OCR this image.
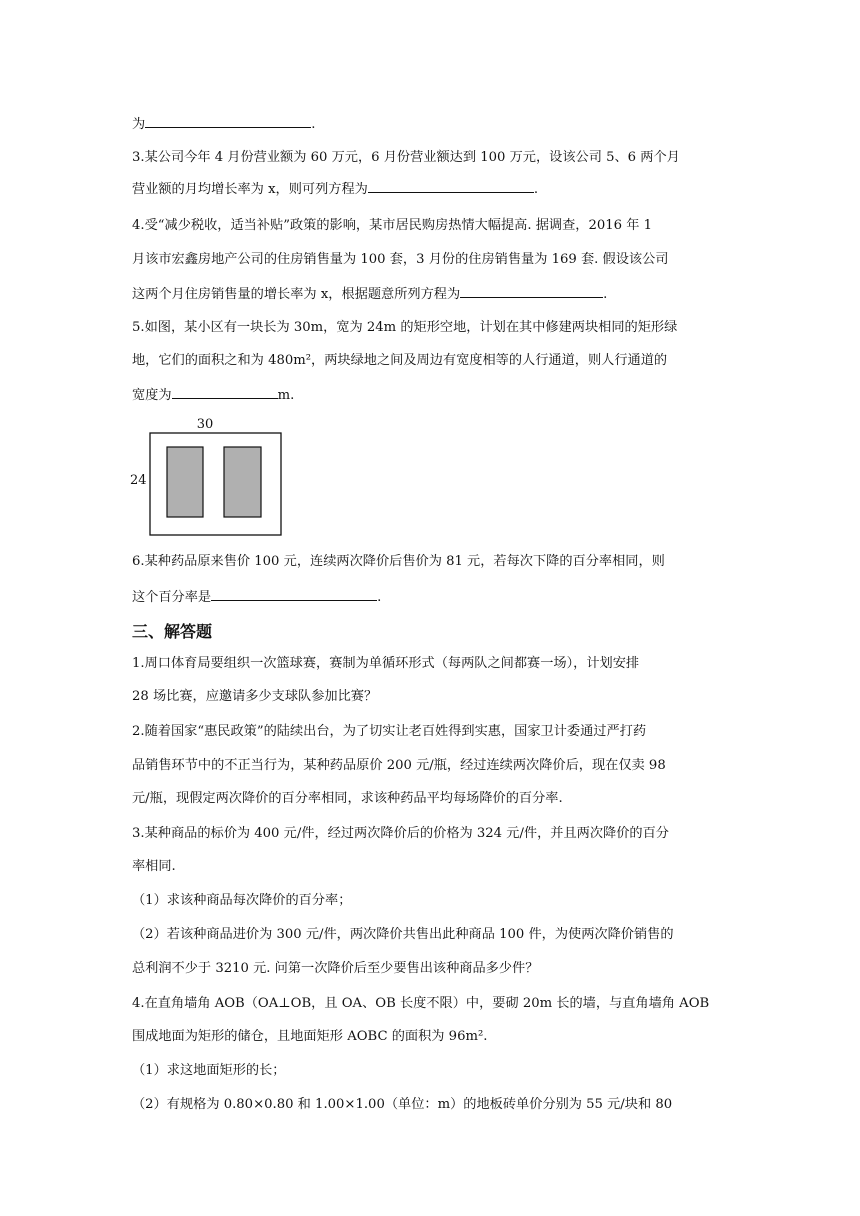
为	.

3.某公司今年 4 月份营业额为 60 万元，6 月份营业额达到 100 万元，设该公司 5、6 两个月

营业额的月均增长率为 x，则可列方程为	.

4.受“减少税收，适当补贴”政策的影响，某市居民购房热情大幅提高. 据调查，2016 年 1

月该市宏鑫房地产公司的住房销售量为 100 套，3 月份的住房销售量为 169 套. 假设该公司

这两个月住房销售量的增长率为 x，根据题意所列方程为	.

5.如图，某小区有一块长为 30m，宽为 24m 的矩形空地，计划在其中修建两块相同的矩形绿

地，它们的面积之和为 480m²，两块绿地之间及周边有宽度相等的人行通道，则人行通道的

宽度为	m.

30
24

6.某种药品原来售价 100 元，连续两次降价后售价为 81 元，若每次下降的百分率相同，则

这个百分率是	.

三、解答题

1.周口体育局要组织一次篮球赛，赛制为单循环形式（每两队之间都赛一场），计划安排

28 场比赛，应邀请多少支球队参加比赛？

2.随着国家“惠民政策”的陆续出台，为了切实让老百姓得到实惠，国家卫计委通过严打药

品销售环节中的不正当行为，某种药品原价 200 元/瓶，经过连续两次降价后，现在仅卖 98

元/瓶，现假定两次降价的百分率相同，求该种药品平均每场降价的百分率.

3.某种商品的标价为 400 元/件，经过两次降价后的价格为 324 元/件，并且两次降价的百分

率相同.

（1）求该种商品每次降价的百分率；

（2）若该种商品进价为 300 元/件，两次降价共售出此种商品 100 件，为使两次降价销售的

总利润不少于 3210 元. 问第一次降价后至少要售出该种商品多少件？

4.在直角墙角 AOB（OA⊥OB，且 OA、OB 长度不限）中，要砌 20m 长的墙，与直角墙角 AOB

围成地面为矩形的储仓，且地面矩形 AOBC 的面积为 96m².

（1）求这地面矩形的长；

（2）有规格为 0.80×0.80 和 1.00×1.00（单位：m）的地板砖单价分别为 55 元/块和 80
